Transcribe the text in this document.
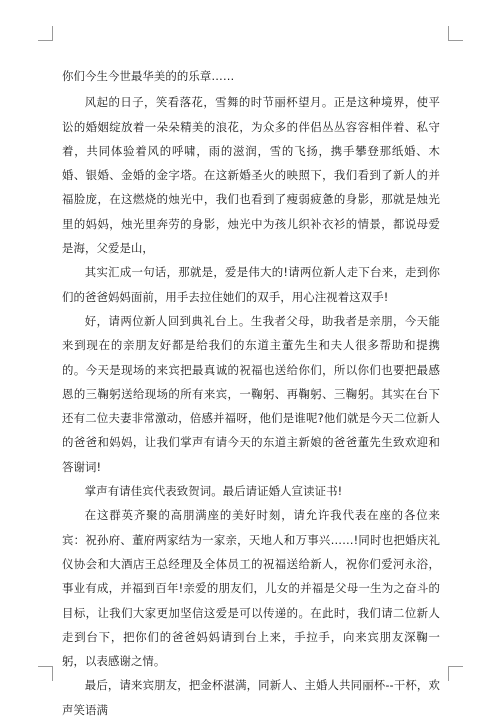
你们今生今世最华美的的乐章……

风起的日子，笑看落花，雪舞的时节丽杯望月。正是这种境界，使平讼的婚姻绽放着一朵朵精美的浪花，为众多的伴侣丛丛容容相伴着、私守着，共同体验着风的呼啸，雨的滋润，雪的飞扬，携手攀登那纸婚、木婚、银婚、金婚的金字塔。在这新婚圣火的映照下，我们看到了新人的并福脸庞，在这燃烧的烛光中，我们也看到了瘦弱疲惫的身影，那就是烛光里的妈妈，烛光里奔劳的身影，烛光中为孩儿织补衣衫的情景，都说母爱是海，父爱是山，

其实汇成一句话，那就是，爱是伟大的!请两位新人走下台来，走到你们的爸爸妈妈面前，用手去拉住她们的双手，用心注视着这双手!

好，请两位新人回到典礼台上。生我者父母，助我者是亲朋，今天能来到现在的亲朋友好都是给我们的东道主董先生和夫人很多帮助和提携的。今天是现场的来宾把最真诚的祝福也送给你们，所以你们也要把最感恩的三鞠躬送给现场的所有来宾，一鞠躬、再鞠躬、三鞠躬。其实在台下还有二位夫妻非常激动，倍感并福呀，他们是谁呢?他们就是今天二位新人的爸爸和妈妈，让我们掌声有请今天的东道主新娘的爸爸董先生致欢迎和答谢词!

掌声有请佳宾代表致贺词。最后请证婚人宣读证书!

在这群英齐聚的高朋满座的美好时刻，请允许我代表在座的各位来宾：祝孙府、董府两家结为一家亲，天地人和万事兴……!同时也把婚庆礼仪协会和大酒店王总经理及全体员工的祝福送给新人，祝你们爱河永浴，事业有成，并福到百年!亲爱的朋友们，儿女的并福是父母一生为之奋斗的目标，让我们大家更加坚信这爱是可以传递的。在此时，我们请二位新人走到台下，把你们的爸爸妈妈请到台上来，手拉手，向来宾朋友深鞠一躬，以表感谢之情。

最后，请来宾朋友，把金杯湛满，同新人、主婚人共同丽杯--干杯，欢声笑语满
